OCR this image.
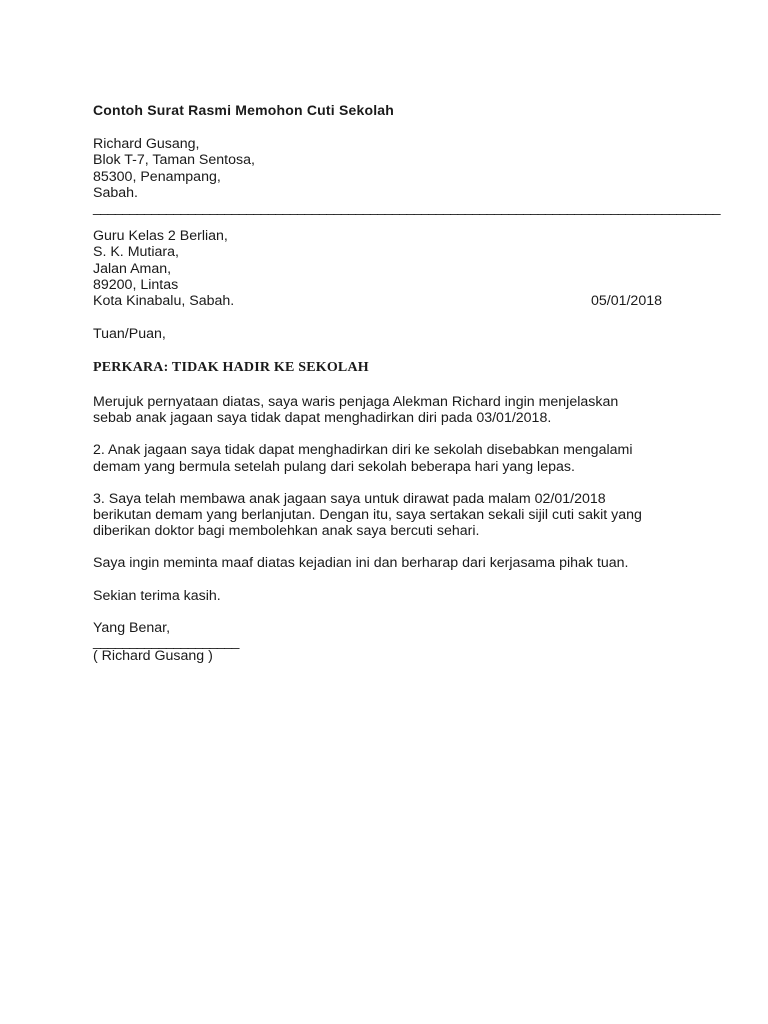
Contoh Surat Rasmi Memohon Cuti Sekolah

Richard Gusang,
Blok T-7, Taman Sentosa,
85300, Penampang,
Sabah.
______________________________________________________________________________________
Guru Kelas 2 Berlian,
S. K. Mutiara,
Jalan Aman,
89200, Lintas
Kota Kinabalu, Sabah.	05/01/2018
Tuan/Puan,

PERKARA: TIDAK HADIR KE SEKOLAH

Merujuk pernyataan diatas, saya waris penjaga Alekman Richard ingin menjelaskan
sebab anak jagaan saya tidak dapat menghadirkan diri pada 03/01/2018.
2. Anak jagaan saya tidak dapat menghadirkan diri ke sekolah disebabkan mengalami
demam yang bermula setelah pulang dari sekolah beberapa hari yang lepas.
3. Saya telah membawa anak jagaan saya untuk dirawat pada malam 02/01/2018
berikutan demam yang berlanjutan. Dengan itu, saya sertakan sekali sijil cuti sakit yang
diberikan doktor bagi membolehkan anak saya bercuti sehari.
Saya ingin meminta maaf diatas kejadian ini dan berharap dari kerjasama pihak tuan.
Sekian terima kasih.
Yang Benar,
____________________
( Richard Gusang )
